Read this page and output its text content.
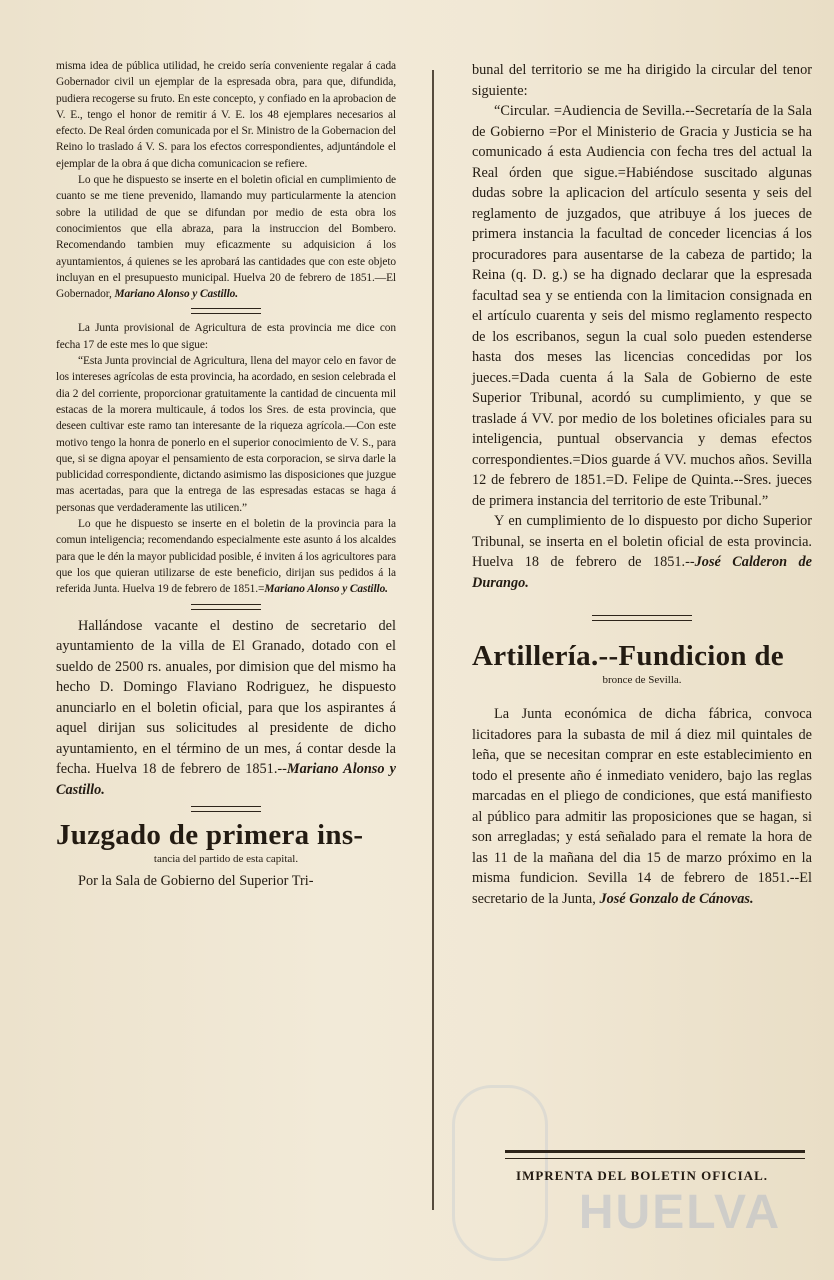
misma idea de pública utilidad, he creido sería conveniente regalar á cada Gobernador civil un ejemplar de la espresada obra, para que, difundida, pudiera recogerse su fruto. En este concepto, y confiado en la aprobacion de V. E., tengo el honor de remitir á V. E. los 48 ejemplares necesarios al efecto. De Real órden comunicada por el Sr. Ministro de la Gobernacion del Reino lo traslado á V. S. para los efectos correspondientes, adjuntándole el ejemplar de la obra á que dicha comunicacion se refiere.

Lo que he dispuesto se inserte en el boletin oficial en cumplimiento de cuanto se me tiene prevenido, llamando muy particularmente la atencion sobre la utilidad de que se difundan por medio de esta obra los conocimientos que ella abraza, para la instruccion del Bombero. Recomendando tambien muy eficazmente su adquisicion á los ayuntamientos, á quienes se les aprobará las cantidades que con este objeto incluyan en el presupuesto municipal. Huelva 20 de febrero de 1851.—El Gobernador, Mariano Alonso y Castillo.

La Junta provisional de Agricultura de esta provincia me dice con fecha 17 de este mes lo que sigue:

“Esta Junta provincial de Agricultura, llena del mayor celo en favor de los intereses agrícolas de esta provincia, ha acordado, en sesion celebrada el dia 2 del corriente, proporcionar gratuitamente la cantidad de cincuenta mil estacas de la morera multicaule, á todos los Sres. de esta provincia, que deseen cultivar este ramo tan interesante de la riqueza agrícola.—Con este motivo tengo la honra de ponerlo en el superior conocimiento de V. S., para que, si se digna apoyar el pensamiento de esta corporacion, se sirva darle la publicidad correspondiente, dictando asimismo las disposiciones que juzgue mas acertadas, para que la entrega de las espresadas estacas se haga á personas que verdaderamente las utilicen.”

Lo que he dispuesto se inserte en el boletin de la provincia para la comun inteligencia; recomendando especialmente este asunto á los alcaldes para que le dén la mayor publicidad posible, é inviten á los agricultores para que los que quieran utilizarse de este beneficio, dirijan sus pedidos á la referida Junta. Huelva 19 de febrero de 1851.=Mariano Alonso y Castillo.

Hallándose vacante el destino de secretario del ayuntamiento de la villa de El Granado, dotado con el sueldo de 2500 rs. anuales, por dimision que del mismo ha hecho D. Domingo Flaviano Rodriguez, he dispuesto anunciarlo en el boletin oficial, para que los aspirantes á aquel dirijan sus solicitudes al presidente de dicho ayuntamiento, en el término de un mes, á contar desde la fecha. Huelva 18 de febrero de 1851.--Mariano Alonso y Castillo.

Juzgado de primera ins-
tancia del partido de esta capital.

Por la Sala de Gobierno del Superior Tri-

bunal del territorio se me ha dirigido la circular del tenor siguiente:

“Circular. =Audiencia de Sevilla.--Secretaría de la Sala de Gobierno =Por el Ministerio de Gracia y Justicia se ha comunicado á esta Audiencia con fecha tres del actual la Real órden que sigue.=Habiéndose suscitado algunas dudas sobre la aplicacion del artículo sesenta y seis del reglamento de juzgados, que atribuye á los jueces de primera instancia la facultad de conceder licencias á los procuradores para ausentarse de la cabeza de partido; la Reina (q. D. g.) se ha dignado declarar que la espresada facultad sea y se entienda con la limitacion consignada en el artículo cuarenta y seis del mismo reglamento respecto de los escribanos, segun la cual solo pueden estenderse hasta dos meses las licencias concedidas por los jueces.=Dada cuenta á la Sala de Gobierno de este Superior Tribunal, acordó su cumplimiento, y que se traslade á VV. por medio de los boletines oficiales para su inteligencia, puntual observancia y demas efectos correspondientes.=Dios guarde á VV. muchos años. Sevilla 12 de febrero de 1851.=D. Felipe de Quinta.--Sres. jueces de primera instancia del territorio de este Tribunal.”

Y en cumplimiento de lo dispuesto por dicho Superior Tribunal, se inserta en el boletin oficial de esta provincia. Huelva 18 de febrero de 1851.--José Calderon de Durango.

Artillería.--Fundicion de
bronce de Sevilla.

La Junta económica de dicha fábrica, convoca licitadores para la subasta de mil á diez mil quintales de leña, que se necesitan comprar en este establecimiento en todo el presente año é inmediato venidero, bajo las reglas marcadas en el pliego de condiciones, que está manifiesto al público para admitir las proposiciones que se hagan, si son arregladas; y está señalado para el remate la hora de las 11 de la mañana del dia 15 de marzo próximo en la misma fundicion. Sevilla 14 de febrero de 1851.--El secretario de la Junta, José Gonzalo de Cánovas.

IMPRENTA DEL BOLETIN OFICIAL.
HUELVA
